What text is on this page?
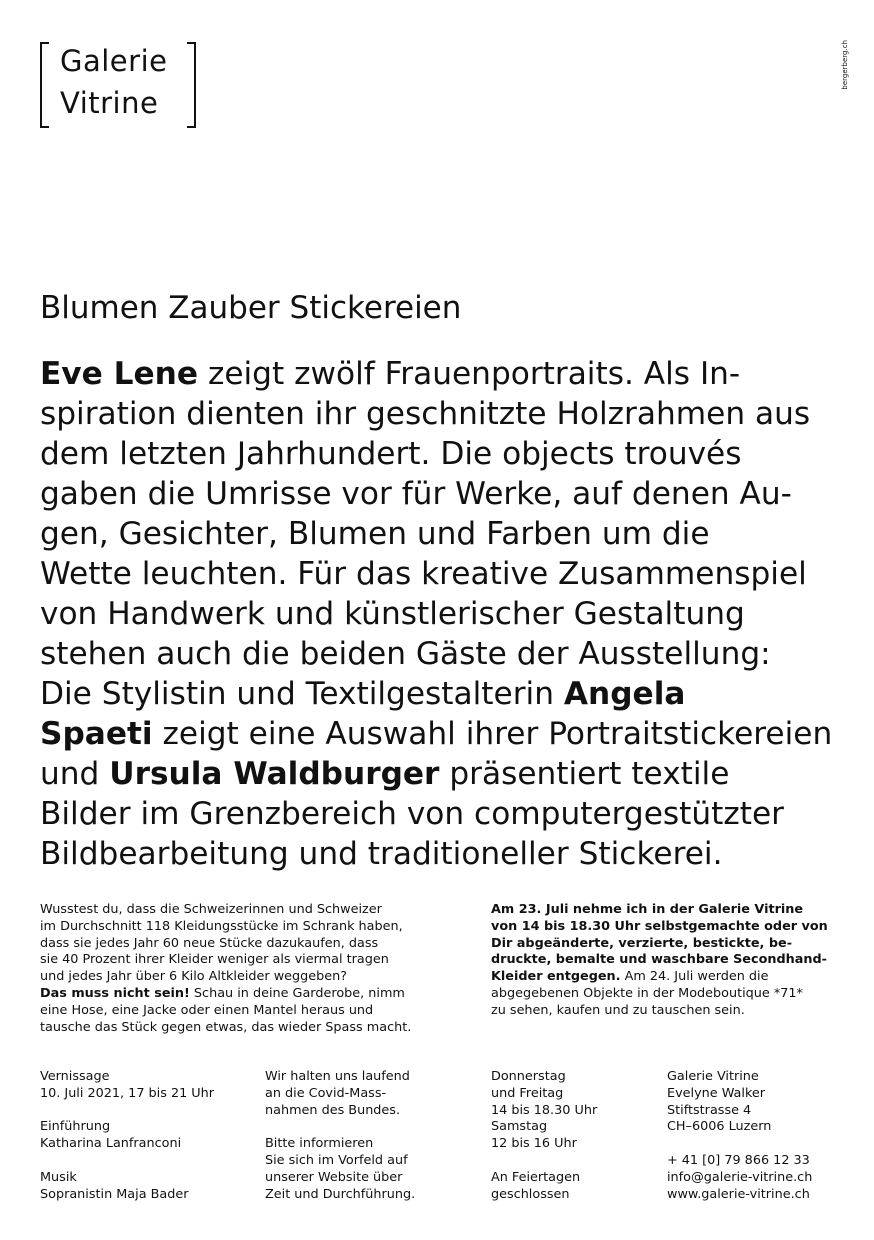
Galerie
Vitrine
bergerberg.ch
Blumen Zauber Stickereien
Eve Lene zeigt zwölf Frauenportraits. Als In-
spiration dienten ihr geschnitzte Holzrahmen aus
dem letzten Jahrhundert. Die objects trouvés
gaben die Umrisse vor für Werke, auf denen Au-
gen, Gesichter, Blumen und Farben um die
Wette leuchten. Für das kreative Zusammenspiel
von Handwerk und künstlerischer Gestaltung
stehen auch die beiden Gäste der Ausstellung:
Die Stylistin und Textilgestalterin Angela
Spaeti zeigt eine Auswahl ihrer Portraitstickereien
und Ursula Waldburger präsentiert textile
Bilder im Grenzbereich von computergestützter
Bildbearbeitung und traditioneller Stickerei.
Wusstest du, dass die Schweizerinnen und Schweizer
im Durchschnitt 118 Kleidungsstücke im Schrank haben,
dass sie jedes Jahr 60 neue Stücke dazukaufen, dass
sie 40 Prozent ihrer Kleider weniger als viermal tragen
und jedes Jahr über 6 Kilo Altkleider weggeben?
Das muss nicht sein! Schau in deine Garderobe, nimm
eine Hose, eine Jacke oder einen Mantel heraus und
tausche das Stück gegen etwas, das wieder Spass macht.
Am 23. Juli nehme ich in der Galerie Vitrine
von 14 bis 18.30 Uhr selbstgemachte oder von
Dir abgeänderte, verzierte, bestickte, be-
druckte, bemalte und waschbare Secondhand-
Kleider entgegen. Am 24. Juli werden die
abgegebenen Objekte in der Modeboutique *71*
zu sehen, kaufen und zu tauschen sein.
Vernissage
10. Juli 2021, 17 bis 21 Uhr
Einführung
Katharina Lanfranconi
Musik
Sopranistin Maja Bader
Wir halten uns laufend
an die Covid-Mass-
nahmen des Bundes.
Bitte informieren
Sie sich im Vorfeld auf
unserer Website über
Zeit und Durchführung.
Donnerstag
und Freitag
14 bis 18.30 Uhr
Samstag
12 bis 16 Uhr
An Feiertagen
geschlossen
Galerie Vitrine
Evelyne Walker
Stiftstrasse 4
CH–6006 Luzern
+ 41 [0] 79 866 12 33
info@galerie-vitrine.ch
www.galerie-vitrine.ch
